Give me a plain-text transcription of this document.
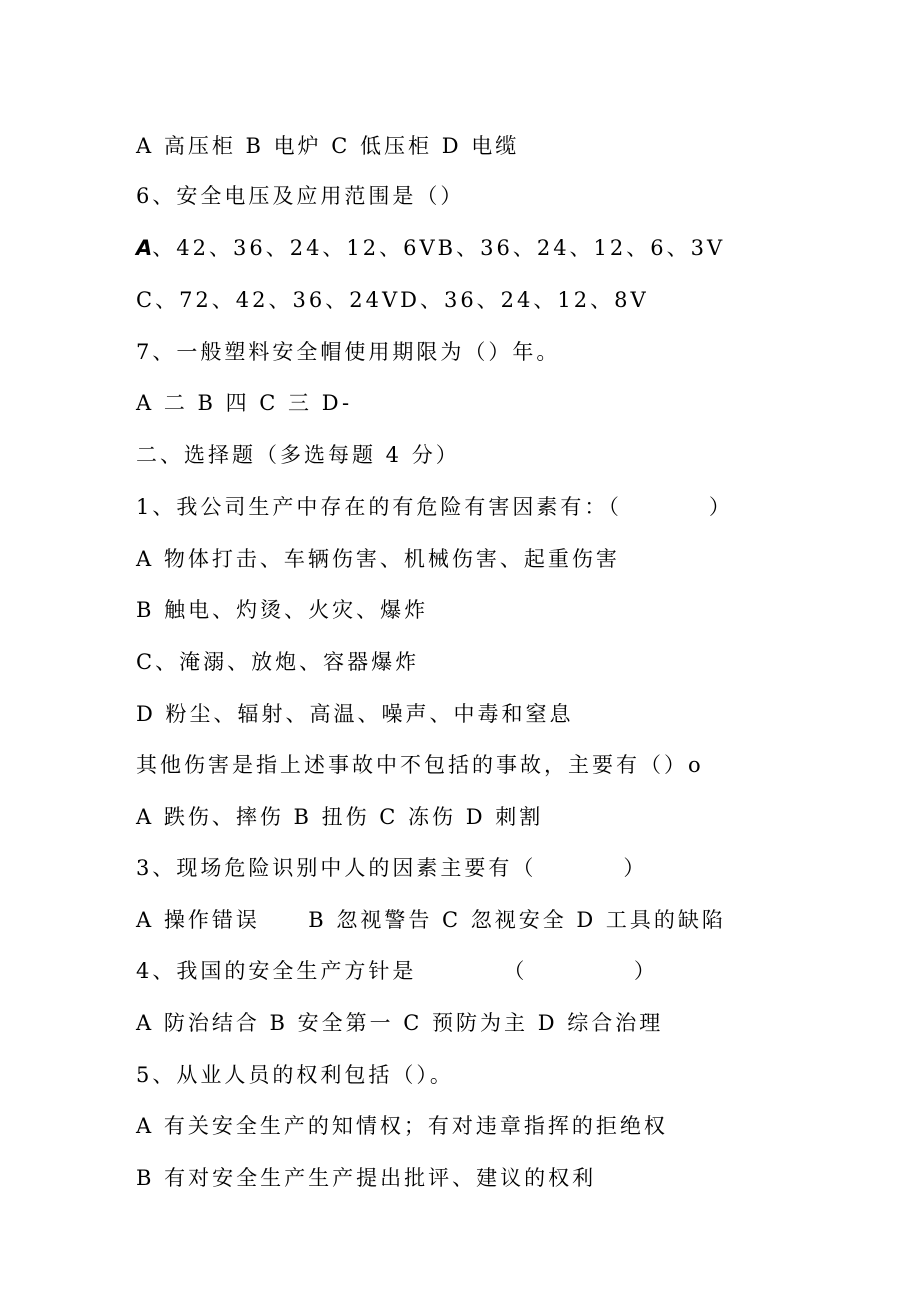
A 高压柜 B 电炉 C 低压柜 D 电缆
6、安全电压及应用范围是（）
A、42、36、24、12、6VB、36、24、12、6、3V
C、72、42、36、24VD、36、24、12、8V
7、一般塑料安全帽使用期限为（）年。
A 二 B 四 C 三 D-
二、选择题（多选每题 4 分）
1、我公司生产中存在的有危险有害因素有：（         ）
A 物体打击、车辆伤害、机械伤害、起重伤害
B 触电、灼烫、火灾、爆炸
C、淹溺、放炮、容器爆炸
D 粉尘、辐射、高温、噪声、中毒和窒息
其他伤害是指上述事故中不包括的事故，主要有（）o
A 跌伤、摔伤 B 扭伤 C 冻伤 D 刺割
3、现场危险识别中人的因素主要有（         ）
A 操作错误     B 忽视警告 C 忽视安全 D 工具的缺陷
4、我国的安全生产方针是         （           ）
A 防治结合 B 安全第一 C 预防为主 D 综合治理
5、从业人员的权利包括（）。
A 有关安全生产的知情权；有对违章指挥的拒绝权
B 有对安全生产生产提出批评、建议的权利
